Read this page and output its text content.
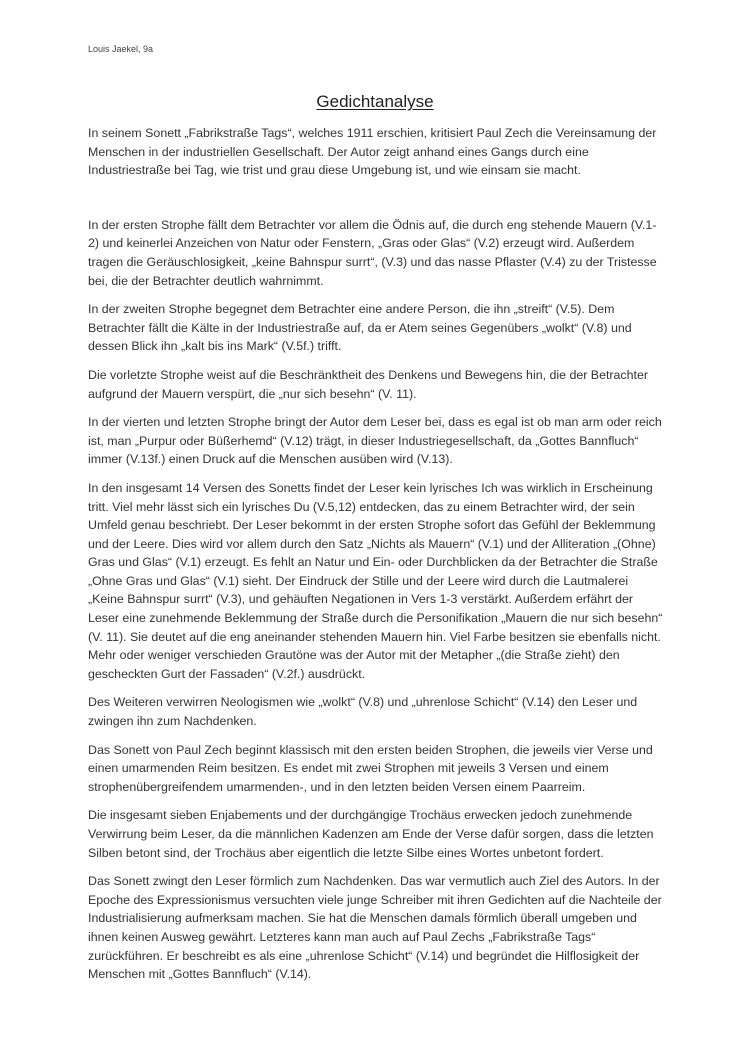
Louis Jaekel, 9a
Gedichtanalyse

In seinem Sonett „Fabrikstraße Tags“, welches 1911 erschien, kritisiert Paul Zech die Vereinsamung der Menschen in der industriellen Gesellschaft. Der Autor zeigt anhand eines Gangs durch eine Industriestraße bei Tag, wie trist und grau diese Umgebung ist, und wie einsam sie macht.

In der ersten Strophe fällt dem Betrachter vor allem die Ödnis auf, die durch eng stehende Mauern (V.1-2) und keinerlei Anzeichen von Natur oder Fenstern, „Gras oder Glas“ (V.2) erzeugt wird. Außerdem tragen die Geräuschlosigkeit, „keine Bahnspur surrt“, (V.3) und das nasse Pflaster (V.4) zu der Tristesse bei, die der Betrachter deutlich wahrnimmt.

In der zweiten Strophe begegnet dem Betrachter eine andere Person, die ihn „streift“ (V.5). Dem Betrachter fällt die Kälte in der Industriestraße auf, da er Atem seines Gegenübers „wolkt“ (V.8) und dessen Blick ihn „kalt bis ins Mark“ (V.5f.) trifft.

Die vorletzte Strophe weist auf die Beschränktheit des Denkens und Bewegens hin, die der Betrachter aufgrund der Mauern verspürt, die „nur sich besehn“ (V. 11).

In der vierten und letzten Strophe bringt der Autor dem Leser bei, dass es egal ist ob man arm oder reich ist, man „Purpur oder Büßerhemd“ (V.12) trägt, in dieser Industriegesellschaft, da „Gottes Bannfluch“ immer (V.13f.) einen Druck auf die Menschen ausüben wird (V.13).

In den insgesamt 14 Versen des Sonetts findet der Leser kein lyrisches Ich was wirklich in Erscheinung tritt. Viel mehr lässt sich ein lyrisches Du (V.5,12) entdecken, das zu einem Betrachter wird, der sein Umfeld genau beschriebt. Der Leser bekommt in der ersten Strophe sofort das Gefühl der Beklemmung und der Leere. Dies wird vor allem durch den Satz „Nichts als Mauern“ (V.1) und der Alliteration „(Ohne) Gras und Glas“ (V.1) erzeugt. Es fehlt an Natur und Ein- oder Durchblicken da der Betrachter die Straße „Ohne Gras und Glas“ (V.1) sieht. Der Eindruck der Stille und der Leere wird durch die Lautmalerei „Keine Bahnspur surrt“ (V.3), und gehäuften Negationen in Vers 1-3 verstärkt. Außerdem erfährt der Leser eine zunehmende Beklemmung der Straße durch die Personifikation „Mauern die nur sich besehn“ (V. 11). Sie deutet auf die eng aneinander stehenden Mauern hin. Viel Farbe besitzen sie ebenfalls nicht. Mehr oder weniger verschieden Grautöne was der Autor mit der Metapher „(die Straße zieht) den gescheckten Gurt der Fassaden“ (V.2f.) ausdrückt.

Des Weiteren verwirren Neologismen wie „wolkt“ (V.8) und „uhrenlose Schicht“ (V.14) den Leser und zwingen ihn zum Nachdenken.

Das Sonett von Paul Zech beginnt klassisch mit den ersten beiden Strophen, die jeweils vier Verse und einen umarmenden Reim besitzen. Es endet mit zwei Strophen mit jeweils 3 Versen und einem strophenübergreifendem umarmenden-, und in den letzten beiden Versen einem Paarreim.

Die insgesamt sieben Enjabements und der durchgängige Trochäus erwecken jedoch zunehmende Verwirrung beim Leser, da die männlichen Kadenzen am Ende der Verse dafür sorgen, dass die letzten Silben betont sind, der Trochäus aber eigentlich die letzte Silbe eines Wortes unbetont fordert.

Das Sonett zwingt den Leser förmlich zum Nachdenken. Das war vermutlich auch Ziel des Autors. In der Epoche des Expressionismus versuchten viele junge Schreiber mit ihren Gedichten auf die Nachteile der Industrialisierung aufmerksam machen. Sie hat die Menschen damals förmlich überall umgeben und ihnen keinen Ausweg gewährt. Letzteres kann man auch auf Paul Zechs „Fabrikstraße Tags“ zurückführen. Er beschreibt es als eine „uhrenlose Schicht“ (V.14) und begründet die Hilflosigkeit der Menschen mit „Gottes Bannfluch“ (V.14).
